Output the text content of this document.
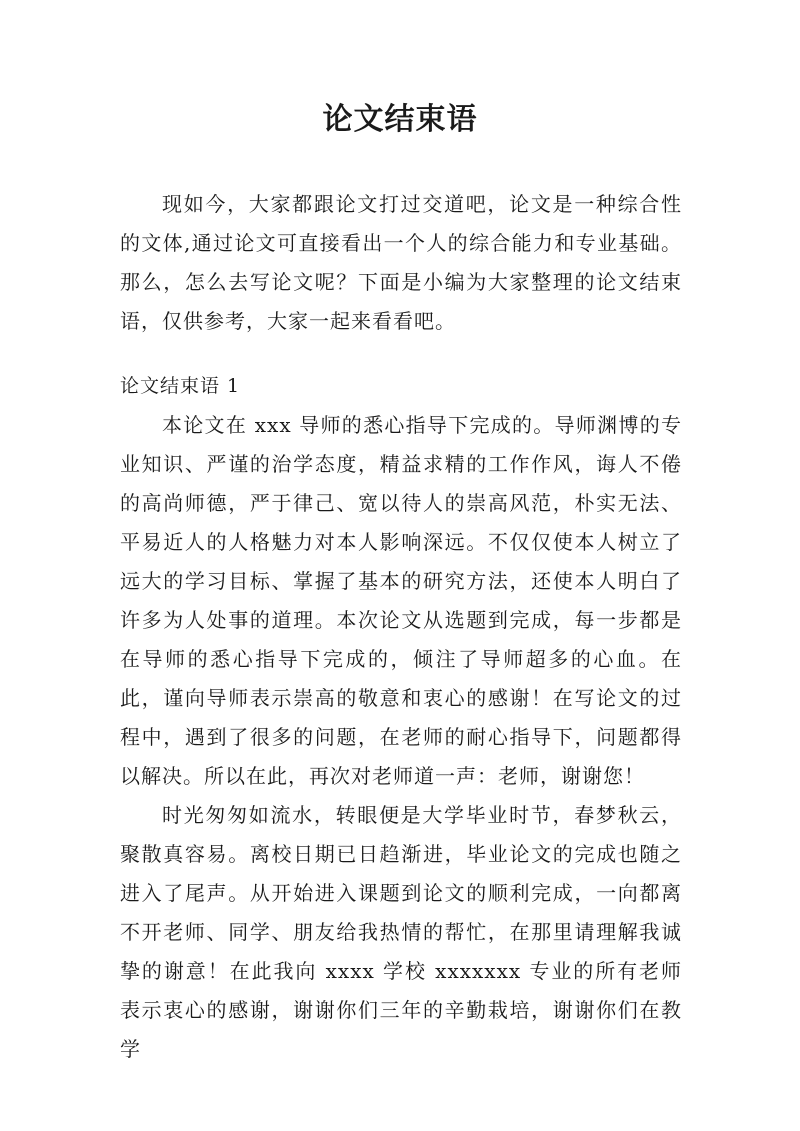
论文结束语

现如今，大家都跟论文打过交道吧，论文是一种综合性的文体,通过论文可直接看出一个人的综合能力和专业基础。那么，怎么去写论文呢？下面是小编为大家整理的论文结束语，仅供参考，大家一起来看看吧。

论文结束语 1

本论文在 xxx 导师的悉心指导下完成的。导师渊博的专业知识、严谨的治学态度，精益求精的工作作风，诲人不倦的高尚师德，严于律己、宽以待人的崇高风范，朴实无法、平易近人的人格魅力对本人影响深远。不仅仅使本人树立了远大的学习目标、掌握了基本的研究方法，还使本人明白了许多为人处事的道理。本次论文从选题到完成，每一步都是在导师的悉心指导下完成的，倾注了导师超多的心血。在此，谨向导师表示崇高的敬意和衷心的感谢！在写论文的过程中，遇到了很多的问题，在老师的耐心指导下，问题都得以解决。所以在此，再次对老师道一声：老师，谢谢您！

时光匆匆如流水，转眼便是大学毕业时节，春梦秋云，聚散真容易。离校日期已日趋渐进，毕业论文的完成也随之进入了尾声。从开始进入课题到论文的顺利完成，一向都离不开老师、同学、朋友给我热情的帮忙，在那里请理解我诚挚的谢意！在此我向 xxxx 学校 xxxxxxx 专业的所有老师表示衷心的感谢，谢谢你们三年的辛勤栽培，谢谢你们在教学
